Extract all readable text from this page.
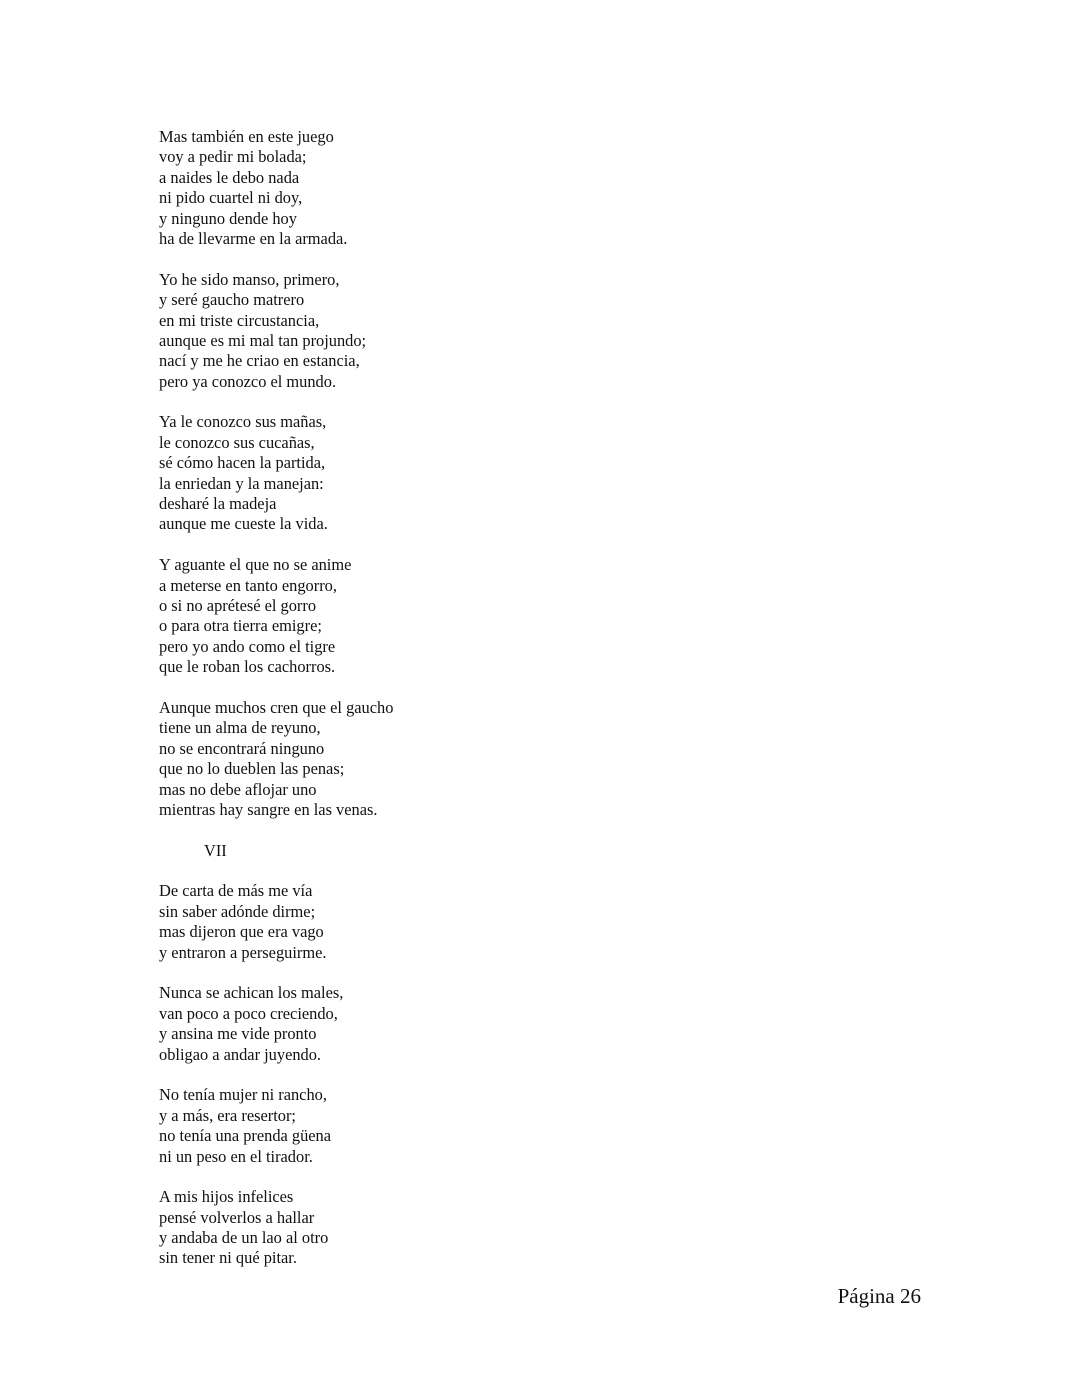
Mas también en este juego
voy a pedir mi bolada;
a naides le debo nada
ni pido cuartel ni doy,
y ninguno dende hoy
ha de llevarme en la armada.
Yo he sido manso, primero,
y seré gaucho matrero
en mi triste circustancia,
aunque es mi mal tan projundo;
nací y me he criao en estancia,
pero ya conozco el mundo.
Ya le conozco sus mañas,
le conozco sus cucañas,
sé cómo hacen la partida,
la enriedan y la manejan:
desharé la madeja
aunque me cueste la vida.
Y aguante el que no se anime
a meterse en tanto engorro,
o si no aprétesé el gorro
o para otra tierra emigre;
pero yo ando como el tigre
que le roban los cachorros.
Aunque muchos cren que el gaucho
tiene un alma de reyuno,
no se encontrará ninguno
que no lo dueblen las penas;
mas no debe aflojar uno
mientras hay sangre en las venas.
VII
De carta de más me vía
sin saber adónde dirme;
mas dijeron que era vago
y entraron a perseguirme.
Nunca se achican los males,
van poco a poco creciendo,
y ansina me vide pronto
obligao a andar juyendo.
No tenía mujer ni rancho,
y a más, era resertor;
no tenía una prenda güena
ni un peso en el tirador.
A mis hijos infelices
pensé volverlos a hallar
y andaba de un lao al otro
sin tener ni qué pitar.
Página 26
